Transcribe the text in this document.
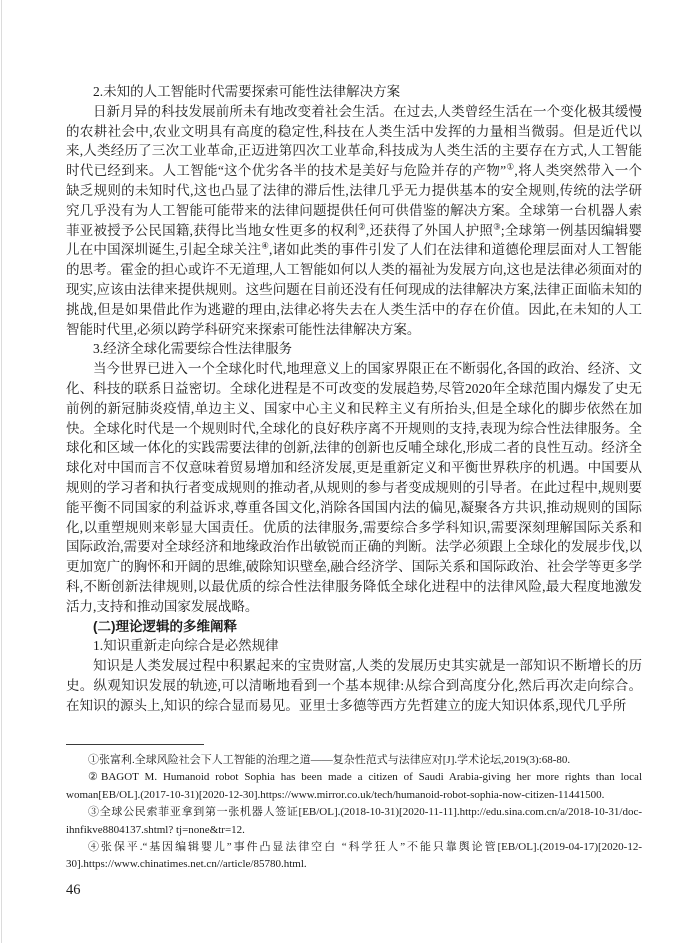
2.未知的人工智能时代需要探索可能性法律解决方案

日新月异的科技发展前所未有地改变着社会生活。在过去,人类曾经生活在一个变化极其缓慢的农耕社会中,农业文明具有高度的稳定性,科技在人类生活中发挥的力量相当微弱。但是近代以来,人类经历了三次工业革命,正迈进第四次工业革命,科技成为人类生活的主要存在方式,人工智能时代已经到来。人工智能“这个优劣各半的技术是美好与危险并存的产物”①,将人类突然带入一个缺乏规则的未知时代,这也凸显了法律的滞后性,法律几乎无力提供基本的安全规则,传统的法学研究几乎没有为人工智能可能带来的法律问题提供任何可供借鉴的解决方案。全球第一台机器人索菲亚被授予公民国籍,获得比当地女性更多的权利②,还获得了外国人护照③;全球第一例基因编辑婴儿在中国深圳诞生,引起全球关注④,诸如此类的事件引发了人们在法律和道德伦理层面对人工智能的思考。霍金的担心或许不无道理,人工智能如何以人类的福祉为发展方向,这也是法律必须面对的现实,应该由法律来提供规则。这些问题在目前还没有任何现成的法律解决方案,法律正面临未知的挑战,但是如果借此作为逃避的理由,法律必将失去在人类生活中的存在价值。因此,在未知的人工智能时代里,必须以跨学科研究来探索可能性法律解决方案。

3.经济全球化需要综合性法律服务

当今世界已进入一个全球化时代,地理意义上的国家界限正在不断弱化,各国的政治、经济、文化、科技的联系日益密切。全球化进程是不可改变的发展趋势,尽管2020年全球范围内爆发了史无前例的新冠肺炎疫情,单边主义、国家中心主义和民粹主义有所抬头,但是全球化的脚步依然在加快。全球化时代是一个规则时代,全球化的良好秩序离不开规则的支持,表现为综合性法律服务。全球化和区域一体化的实践需要法律的创新,法律的创新也反哺全球化,形成二者的良性互动。经济全球化对中国而言不仅意味着贸易增加和经济发展,更是重新定义和平衡世界秩序的机遇。中国要从规则的学习者和执行者变成规则的推动者,从规则的参与者变成规则的引导者。在此过程中,规则要能平衡不同国家的利益诉求,尊重各国文化,消除各国国内法的偏见,凝聚各方共识,推动规则的国际化,以重塑规则来彰显大国责任。优质的法律服务,需要综合多学科知识,需要深刻理解国际关系和国际政治,需要对全球经济和地缘政治作出敏锐而正确的判断。法学必须跟上全球化的发展步伐,以更加宽广的胸怀和开阔的思维,破除知识壁垒,融合经济学、国际关系和国际政治、社会学等更多学科,不断创新法律规则,以最优质的综合性法律服务降低全球化进程中的法律风险,最大程度地激发活力,支持和推动国家发展战略。

(二)理论逻辑的多维阐释
1.知识重新走向综合是必然规律

知识是人类发展过程中积累起来的宝贵财富,人类的发展历史其实就是一部知识不断增长的历史。纵观知识发展的轨迹,可以清晰地看到一个基本规律:从综合到高度分化,然后再次走向综合。在知识的源头上,知识的综合显而易见。亚里士多德等西方先哲建立的庞大知识体系,现代几乎所

①张富利.全球风险社会下人工智能的治理之道——复杂性范式与法律应对[J].学术论坛,2019(3):68-80.

②BAGOT M. Humanoid robot Sophia has been made a citizen of Saudi Arabia-giving her more rights than local woman[EB/OL].(2017-10-31)[2020-12-30].https://www.mirror.co.uk/tech/humanoid-robot-sophia-now-citizen-11441500.

③全球公民索菲亚拿到第一张机器人签证[EB/OL].(2018-10-31)[2020-11-11].http://edu.sina.com.cn/a/2018-10-31/doc-ihnfikve8804137.shtml? tj=none&tr=12.

④张保平.“基因编辑婴儿”事件凸显法律空白 “科学狂人”不能只靠舆论管[EB/OL].(2019-04-17)[2020-12-30].https://www.chinatimes.net.cn//article/85780.html.

46
